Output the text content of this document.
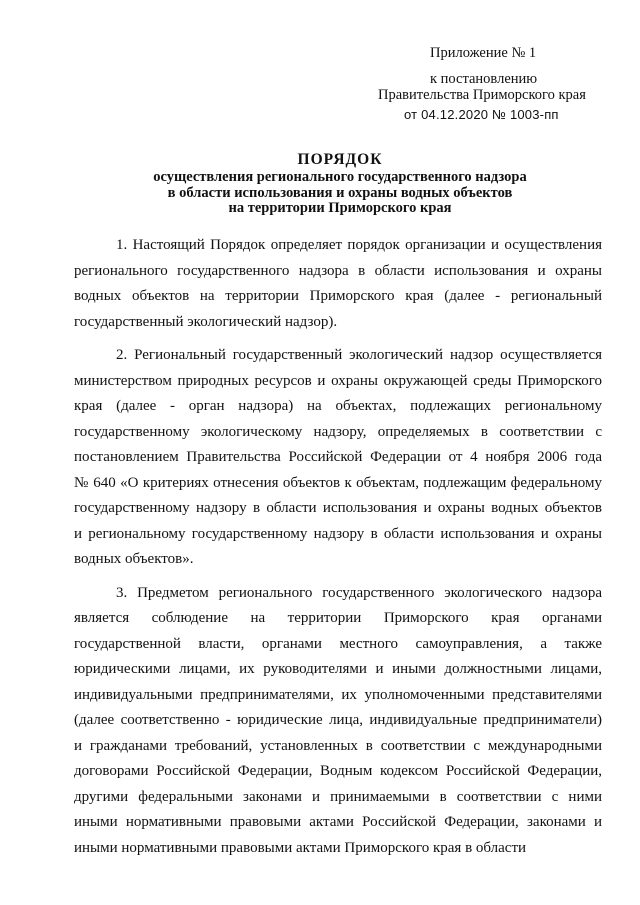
Приложение № 1
к постановлению
Правительства Приморского края
от 04.12.2020 № 1003-пп
ПОРЯДОК
осуществления регионального государственного надзора
в области использования и охраны водных объектов
на территории Приморского края
1. Настоящий Порядок определяет порядок организации и осуществления
регионального государственного надзора в области использования и охраны
водных объектов на территории Приморского края (далее - региональный
государственный экологический надзор).
2. Региональный государственный экологический надзор осуществляется
министерством природных ресурсов и охраны окружающей среды Приморского
края (далее - орган надзора) на объектах, подлежащих региональному
государственному экологическому надзору, определяемых в соответствии с
постановлением Правительства Российской Федерации от 4 ноября 2006 года
№ 640 «О критериях отнесения объектов к объектам, подлежащим федеральному
государственному надзору в области использования и охраны водных объектов
и региональному государственному надзору в области использования и охраны
водных объектов».
3. Предметом регионального государственного экологического надзора
является соблюдение на территории Приморского края органами
государственной власти, органами местного самоуправления, а также
юридическими лицами, их руководителями и иными должностными лицами,
индивидуальными предпринимателями, их уполномоченными представителями
(далее соответственно - юридические лица, индивидуальные предприниматели)
и гражданами требований, установленных в соответствии с международными
договорами Российской Федерации, Водным кодексом Российской Федерации,
другими федеральными законами и принимаемыми в соответствии с ними
иными нормативными правовыми актами Российской Федерации, законами и
иными нормативными правовыми актами Приморского края в области
